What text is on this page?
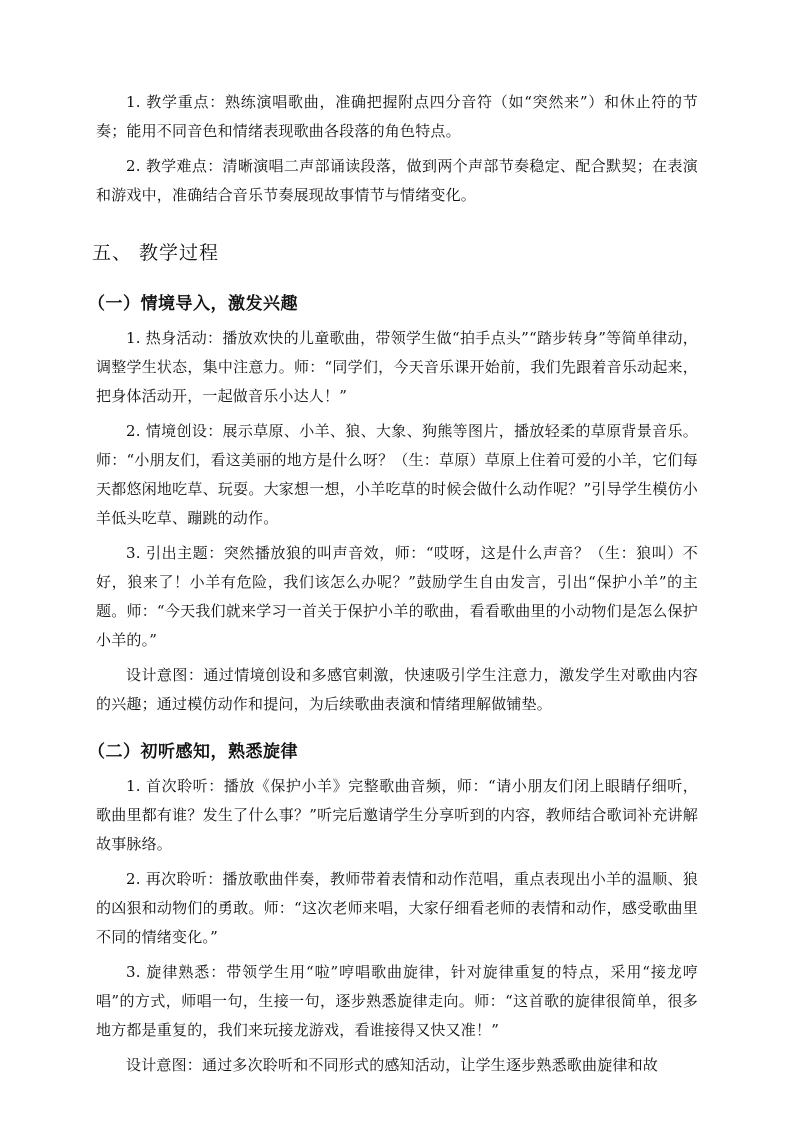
1. 教学重点：熟练演唱歌曲，准确把握附点四分音符（如“突然来”）和休止符的节奏；能用不同音色和情绪表现歌曲各段落的角色特点。

2. 教学难点：清晰演唱二声部诵读段落，做到两个声部节奏稳定、配合默契；在表演和游戏中，准确结合音乐节奏展现故事情节与情绪变化。

五、 教学过程
（一）情境导入，激发兴趣

1. 热身活动：播放欢快的儿童歌曲，带领学生做“拍手点头”“踏步转身”等简单律动，调整学生状态，集中注意力。师：“同学们，今天音乐课开始前，我们先跟着音乐动起来，把身体活动开，一起做音乐小达人！”

2. 情境创设：展示草原、小羊、狼、大象、狗熊等图片，播放轻柔的草原背景音乐。师：“小朋友们，看这美丽的地方是什么呀？（生：草原）草原上住着可爱的小羊，它们每天都悠闲地吃草、玩耍。大家想一想，小羊吃草的时候会做什么动作呢？”引导学生模仿小羊低头吃草、蹦跳的动作。

3. 引出主题：突然播放狼的叫声音效，师：“哎呀，这是什么声音？（生：狼叫）不好，狼来了！小羊有危险，我们该怎么办呢？”鼓励学生自由发言，引出“保护小羊”的主题。师：“今天我们就来学习一首关于保护小羊的歌曲，看看歌曲里的小动物们是怎么保护小羊的。”

设计意图：通过情境创设和多感官刺激，快速吸引学生注意力，激发学生对歌曲内容的兴趣；通过模仿动作和提问，为后续歌曲表演和情绪理解做铺垫。

（二）初听感知，熟悉旋律

1. 首次聆听：播放《保护小羊》完整歌曲音频，师：“请小朋友们闭上眼睛仔细听，歌曲里都有谁？发生了什么事？”听完后邀请学生分享听到的内容，教师结合歌词补充讲解故事脉络。

2. 再次聆听：播放歌曲伴奏，教师带着表情和动作范唱，重点表现出小羊的温顺、狼的凶狠和动物们的勇敢。师：“这次老师来唱，大家仔细看老师的表情和动作，感受歌曲里不同的情绪变化。”

3. 旋律熟悉：带领学生用“啦”哼唱歌曲旋律，针对旋律重复的特点，采用“接龙哼唱”的方式，师唱一句，生接一句，逐步熟悉旋律走向。师：“这首歌的旋律很简单，很多地方都是重复的，我们来玩接龙游戏，看谁接得又快又准！”

设计意图：通过多次聆听和不同形式的感知活动，让学生逐步熟悉歌曲旋律和故
